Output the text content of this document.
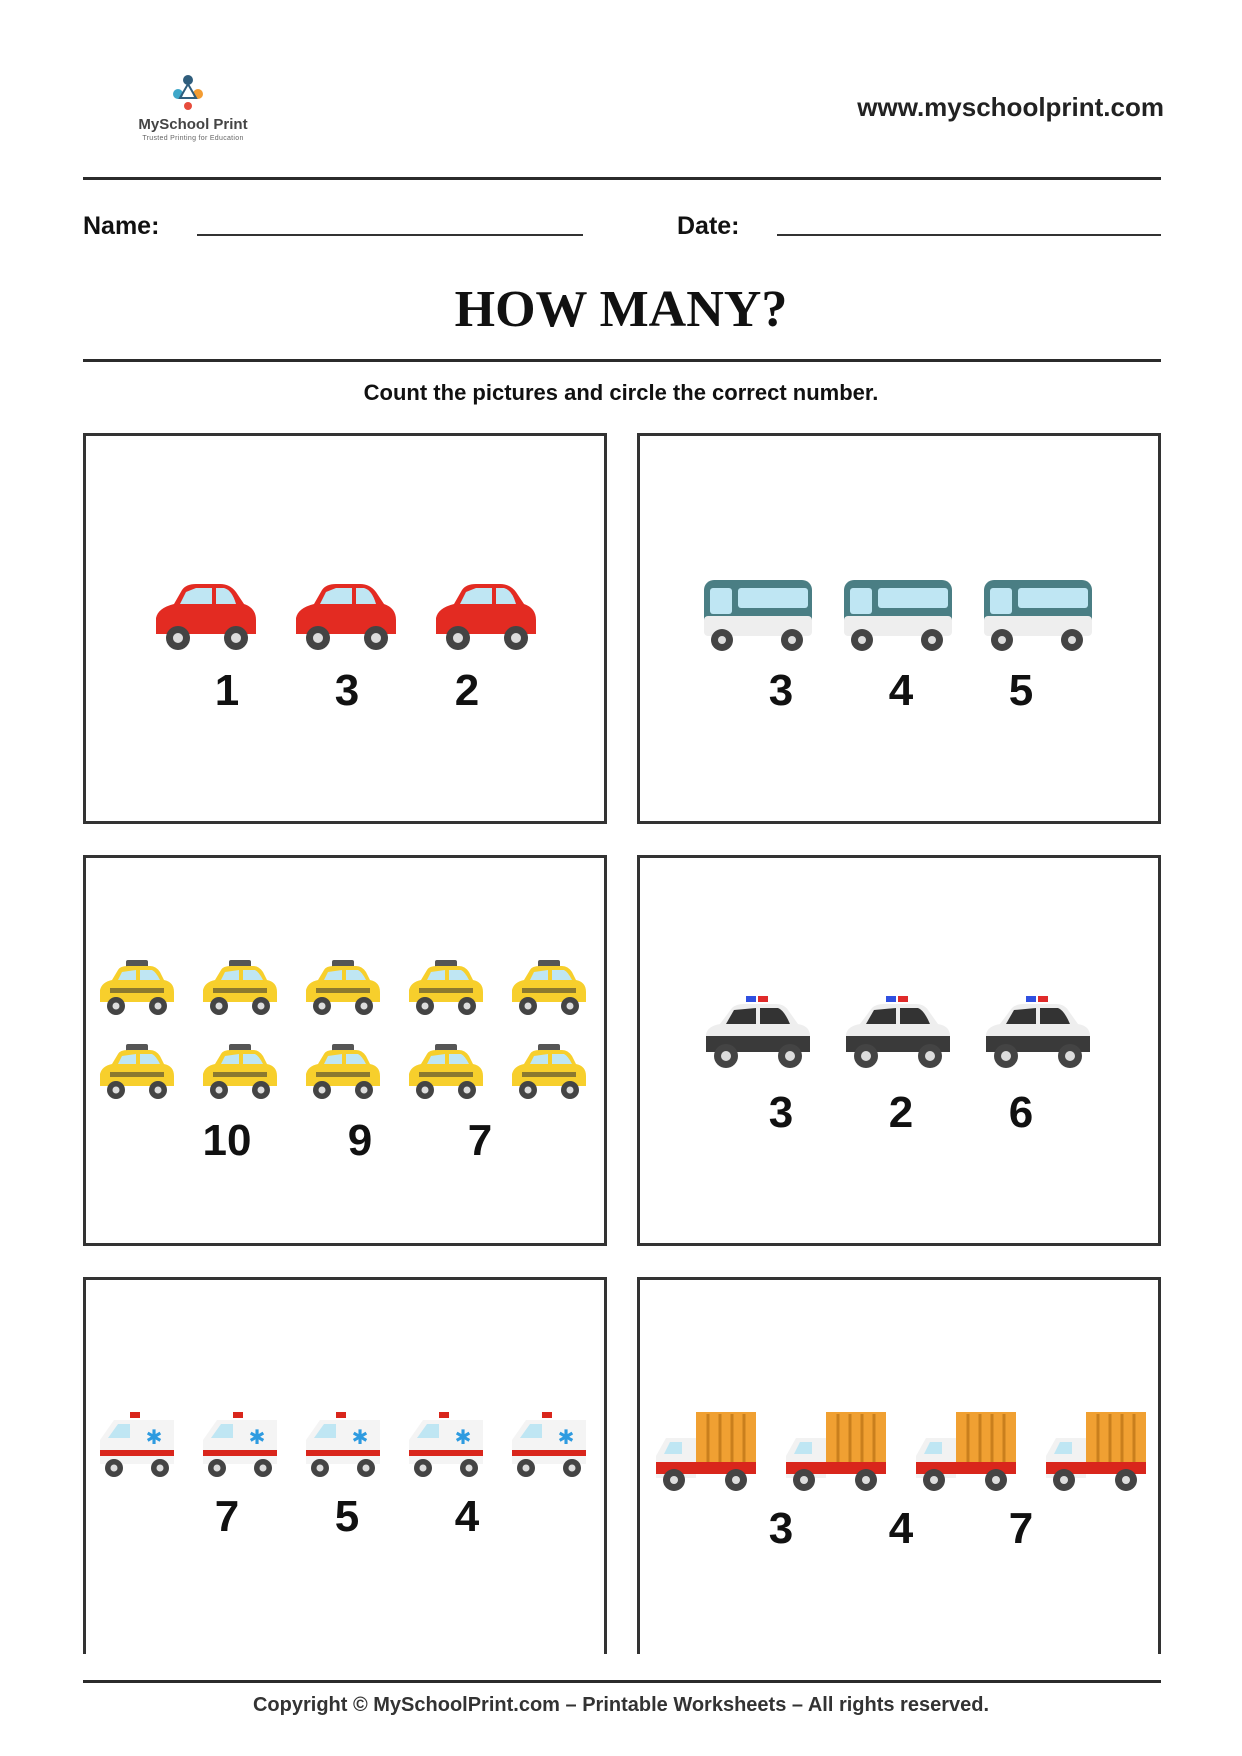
MySchool Print
Trusted Printing for Education
www.myschoolprint.com
Name:	Date:
HOW MANY?
Count the pictures and circle the correct number.
1	3	2	3	4	5
10	9	7
3	2	6
✱	✱	✱	✱	✱
7	5	4	3	4	7
Copyright © MySchoolPrint.com – Printable Worksheets – All rights reserved.
